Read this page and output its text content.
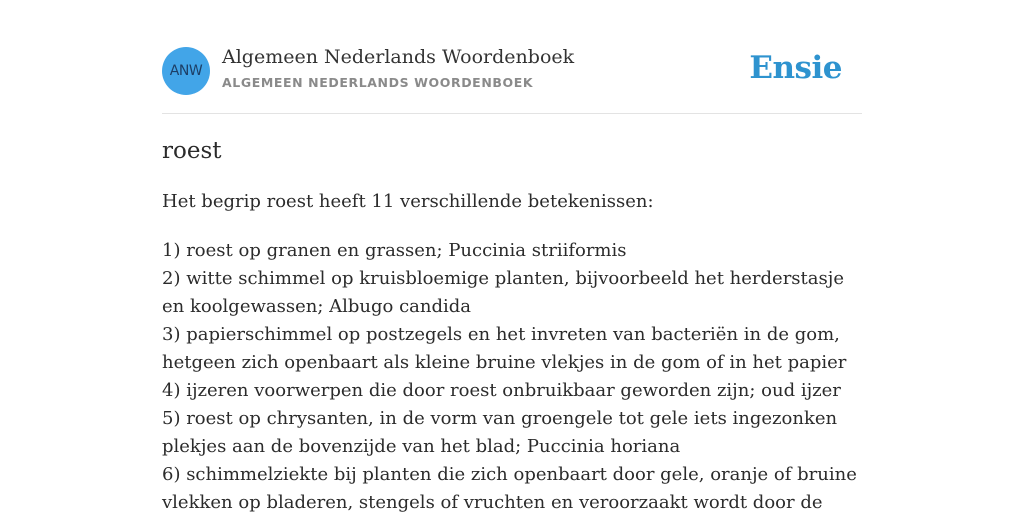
ANW
Algemeen Nederlands Woordenboek
ALGEMEEN NEDERLANDS WOORDENBOEK	Ensie
roest

Het begrip roest heeft 11 verschillende betekenissen:

1) roest op granen en grassen; Puccinia striiformis
2) witte schimmel op kruisbloemige planten, bijvoorbeeld het herderstasje en koolgewassen; Albugo candida
3) papierschimmel op postzegels en het invreten van bacteriën in de gom, hetgeen zich openbaart als kleine bruine vlekjes in de gom of in het papier
4) ijzeren voorwerpen die door roest onbruikbaar geworden zijn; oud ijzer
5) roest op chrysanten, in de vorm van groengele tot gele iets ingezonken plekjes aan de bovenzijde van het blad; Puccinia horiana
6) schimmelziekte bij planten die zich openbaart door gele, oranje of bruine vlekken op bladeren, stengels of vruchten en veroorzaakt wordt door de
